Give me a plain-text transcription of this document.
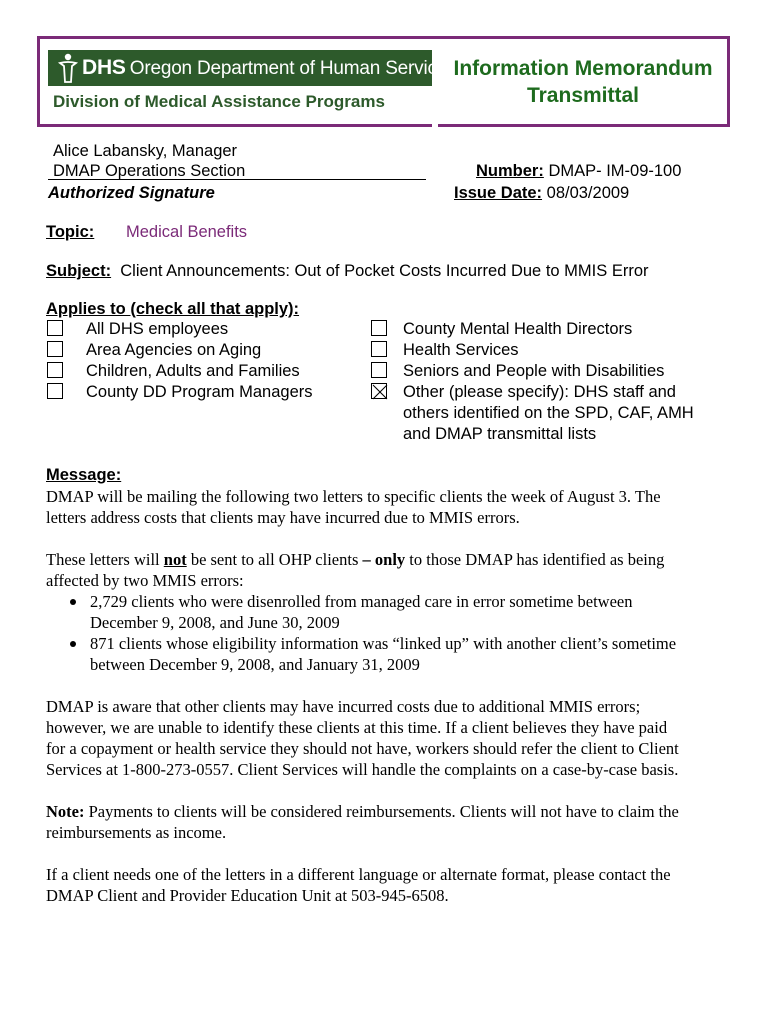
DHS Oregon Department of Human Services
Division of Medical Assistance Programs
Information Memorandum
Transmittal
Alice Labansky, Manager
DMAP Operations Section
Authorized Signature
Number: DMAP- IM-09-100
Issue Date: 08/03/2009
Topic: Medical Benefits
Subject: Client Announcements: Out of Pocket Costs Incurred Due to MMIS Error
Applies to (check all that apply):
All DHS employees
Area Agencies on Aging
Children, Adults and Families
County DD Program Managers
County Mental Health Directors
Health Services
Seniors and People with Disabilities
Other (please specify): DHS staff and
others identified on the SPD, CAF, AMH
and DMAP transmittal lists
Message:
DMAP will be mailing the following two letters to specific clients the week of August 3. The
letters address costs that clients may have incurred due to MMIS errors.
These letters will not be sent to all OHP clients – only to those DMAP has identified as being
affected by two MMIS errors:
2,729 clients who were disenrolled from managed care in error sometime between
December 9, 2008, and June 30, 2009
871 clients whose eligibility information was “linked up” with another client’s sometime
between December 9, 2008, and January 31, 2009
DMAP is aware that other clients may have incurred costs due to additional MMIS errors;
however, we are unable to identify these clients at this time. If a client believes they have paid
for a copayment or health service they should not have, workers should refer the client to Client
Services at 1-800-273-0557. Client Services will handle the complaints on a case-by-case basis.
Note: Payments to clients will be considered reimbursements. Clients will not have to claim the
reimbursements as income.
If a client needs one of the letters in a different language or alternate format, please contact the
DMAP Client and Provider Education Unit at 503-945-6508.
